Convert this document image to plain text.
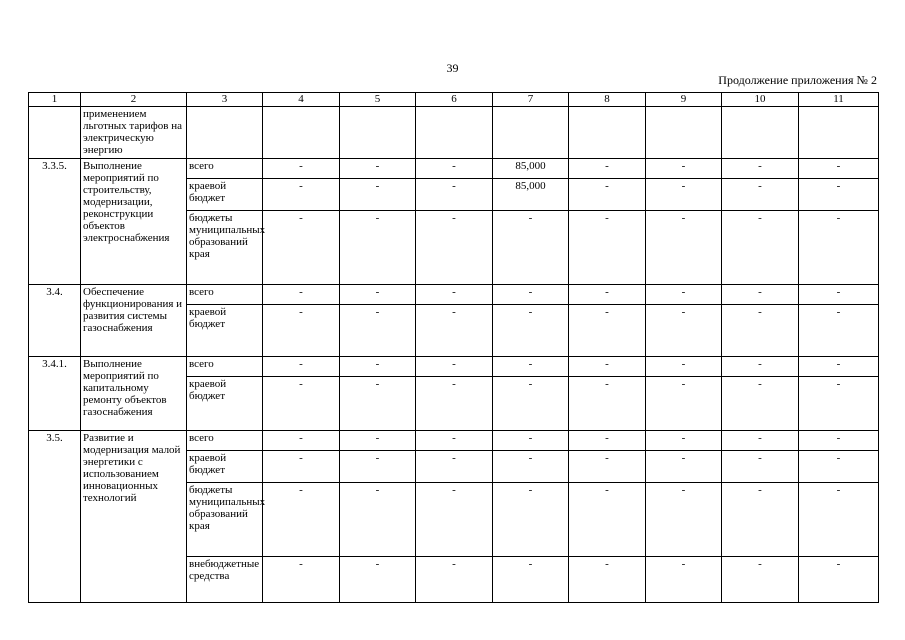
39
Продолжение приложения № 2
1	2	3	4	5	6	7	8	9	10	11
	применением льготных тарифов на электрическую энергию									
3.3.5.	Выполнение мероприятий по строительству, модернизации, реконструкции объектов электроснабжения	всего	-	-	-	85,000	-	-	-	-
		краевой бюджет	-	-	-	85,000	-	-	-	-
		бюджеты муниципальных образований края	-	-	-	-	-	-	-	-
3.4.	Обеспечение функционирования и развития системы газоснабжения	всего	-	-	-	-	-	-	-	-
		краевой бюджет	-	-	-	-	-	-	-	-
3.4.1.	Выполнение мероприятий по капитальному ремонту объектов газоснабжения	всего	-	-	-	-	-	-	-	-
		краевой бюджет	-	-	-	-	-	-	-	-
3.5.	Развитие и модернизация малой энергетики с использованием инновационных технологий	всего	-	-	-	-	-	-	-	-
		краевой бюджет	-	-	-	-	-	-	-	-
		бюджеты муниципальных образований края	-	-	-	-	-	-	-	-
		внебюджетные средства	-	-	-	-	-	-	-	-
